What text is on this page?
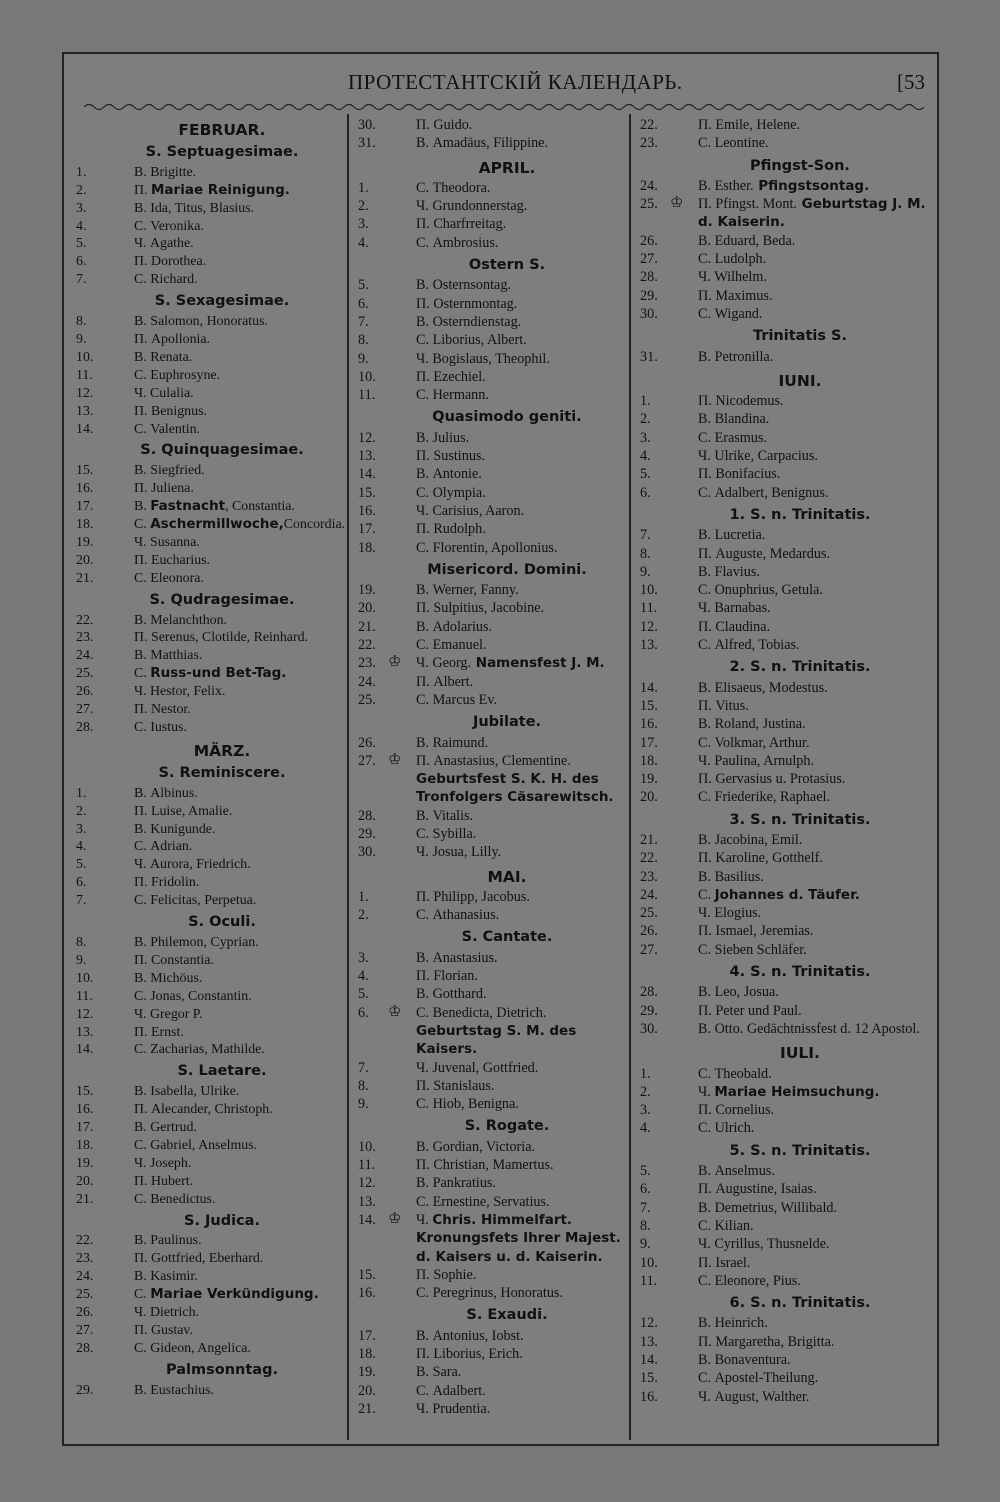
ПРОТЕСТАНТСКІЙ КАЛЕНДАРЬ.	[53
FEBRUAR.
S. Septuagesimae.
1.	В. Brigitte.
2.	П. Mariae Reinigung.
3.	В. Ida, Titus, Blasius.
4.	С. Veronika.
5.	Ч. Agathe.
6.	П. Dorothea.
7.	С. Richard.
S. Sexagesimae.
8.	В. Salomon, Honoratus.
9.	П. Apollonia.
10.	В. Renata.
11.	С. Euphrosyne.
12.	Ч. Culalia.
13.	П. Benignus.
14.	С. Valentin.
S. Quinquagesimae.
15.	В. Siegfried.
16.	П. Juliena.
17.	В. Fastnacht, Constantia.
18.	С. Aschermillwoche,Concordia.
19.	Ч. Susanna.
20.	П. Eucharius.
21.	С. Eleonora.
S. Qudragesimae.
22.	В. Melanchthon.
23.	П. Serenus, Clotilde, Reinhard.
24.	В. Matthias.
25.	С. Russ-und Bet-Tag.
26.	Ч. Hestor, Felix.
27.	П. Nestor.
28.	С. Iustus.
MÄRZ.
S. Reminiscere.
1.	В. Albinus.
2.	П. Luise, Amalie.
3.	В. Kunigunde.
4.	С. Adrian.
5.	Ч. Aurora, Friedrich.
6.	П. Fridolin.
7.	С. Felicitas, Perpetua.
S. Oculi.
8.	В. Philemon, Cyprian.
9.	П. Constantia.
10.	В. Michöus.
11.	С. Jonas, Constantin.
12.	Ч. Gregor P.
13.	П. Ernst.
14.	С. Zacharias, Mathilde.
S. Laetare.
15.	В. Isabella, Ulrike.
16.	П. Alecander, Christoph.
17.	В. Gertrud.
18.	С. Gabriel, Anselmus.
19.	Ч. Joseph.
20.	П. Hubert.
21.	С. Benedictus.
S. Judica.
22.	В. Paulinus.
23.	П. Gottfried, Eberhard.
24.	В. Kasimir.
25.	С. Mariae Verkündigung.
26.	Ч. Dietrich.
27.	П. Gustav.
28.	С. Gideon, Angelica.
Palmsonntag.
29.	В. Eustachius.
30.	П. Guido.
31.	В. Amadäus, Filippine.
APRIL.
1.	С. Theodora.
2.	Ч. Grundonnerstag.
3.	П. Charfrreitag.
4.	С. Ambrosius.
Ostern S.
5.	В. Osternsontag.
6.	П. Osternmontag.
7.	В. Osterndienstag.
8.	С. Liborius, Albert.
9.	Ч. Bogislaus, Theophil.
10.	П. Ezechiel.
11.	С. Hermann.
Quasimodo geniti.
12.	В. Julius.
13.	П. Sustinus.
14.	В. Antonie.
15.	С. Olympia.
16.	Ч. Carisius, Aaron.
17.	П. Rudolph.
18.	С. Florentin, Apollonius.
Misericord. Domini.
19.	В. Werner, Fanny.
20.	П. Sulpitius, Jacobine.
21.	В. Adolarius.
22.	С. Emanuel.
23. ♔ Ч. Georg. Namensfest J. M.
24.	П. Albert.
25.	С. Marcus Ev.
Jubilate.
26.	В. Raimund.
27. ♔ П. Anastasius, Clementine. Geburtsfest S. K. H. des Tronfolgers Cäsarewitsch.
28.	В. Vitalis.
29.	С. Sybilla.
30.	Ч. Josua, Lilly.
MAI.
1.	П. Philipp, Jacobus.
2.	С. Athanasius.
S. Cantate.
3.	В. Anastasius.
4.	П. Florian.
5.	В. Gotthard.
6.	♔ С. Benedicta, Dietrich. Geburtstag S. M. des Kaisers.
7.	Ч. Juvenal, Gottfried.
8.	П. Stanislaus.
9.	С. Hiob, Benigna.
S. Rogate.
10.	В. Gordian, Victoria.
11.	П. Christian, Mamertus.
12.	В. Pankratius.
13.	С. Ernestine, Servatius.
14. ♔ Ч. Chris. Himmelfart. Kronungsfets Ihrer Majest. d. Kaisers u. d. Kaiserin.
15.	П. Sophie.
16.	С. Peregrinus, Honoratus.
S. Exaudi.
17.	В. Antonius, Iobst.
18.	П. Liborius, Erich.
19.	В. Sara.
20.	С. Adalbert.
21.	Ч. Prudentia.
22.	П. Emile, Helene.
23.	С. Leontine.
Pfingst-Son.
24.	В. Esther. Pfingstsontag.
25. ♔ П. Pfingst. Mont. Geburtstag J. M. d. Kaiserin.
26.	В. Eduard, Beda.
27.	С. Ludolph.
28.	Ч. Wilhelm.
29.	П. Maximus.
30.	С. Wigand.
Trinitatis S.
31.	В. Petronilla.
IUNI.
1.	П. Nicodemus.
2.	В. Blandina.
3.	С. Erasmus.
4.	Ч. Ulrike, Carpacius.
5.	П. Bonifacius.
6.	С. Adalbert, Benignus.
1. S. n. Trinitatis.
7.	В. Lucretia.
8.	П. Auguste, Medardus.
9.	В. Flavius.
10.	С. Onuphrius, Getula.
11.	Ч. Barnabas.
12.	П. Claudina.
13.	С. Alfred, Tobias.
2. S. n. Trinitatis.
14.	В. Elisaeus, Modestus.
15.	П. Vitus.
16.	В. Roland, Justina.
17.	С. Volkmar, Arthur.
18.	Ч. Paulina, Arnulph.
19.	П. Gervasius u. Protasius.
20.	С. Friederike, Raphael.
3. S. n. Trinitatis.
21.	В. Jacobina, Emil.
22.	П. Karoline, Gotthelf.
23.	В. Basilius.
24.	С. Johannes d. Täufer.
25.	Ч. Elogius.
26.	П. Ismael, Jeremias.
27.	С. Sieben Schläfer.
4. S. n. Trinitatis.
28.	В. Leo, Josua.
29.	П. Peter und Paul.
30.	В. Otto. Gedächtnissfest d. 12 Apostol.
IULI.
1.	С. Theobald.
2.	Ч. Mariae Heimsuchung.
3.	П. Cornelius.
4.	С. Ulrich.
5. S. n. Trinitatis.
5.	В. Anselmus.
6.	П. Augustine, Isaias.
7.	В. Demetrius, Willibald.
8.	С. Kilian.
9.	Ч. Cyrillus, Thusnelde.
10.	П. Israel.
11.	С. Eleonore, Pius.
6. S. n. Trinitatis.
12.	В. Heinrich.
13.	П. Margaretha, Brigitta.
14.	В. Bonaventura.
15.	С. Apostel-Theilung.
16.	Ч. August, Walther.
